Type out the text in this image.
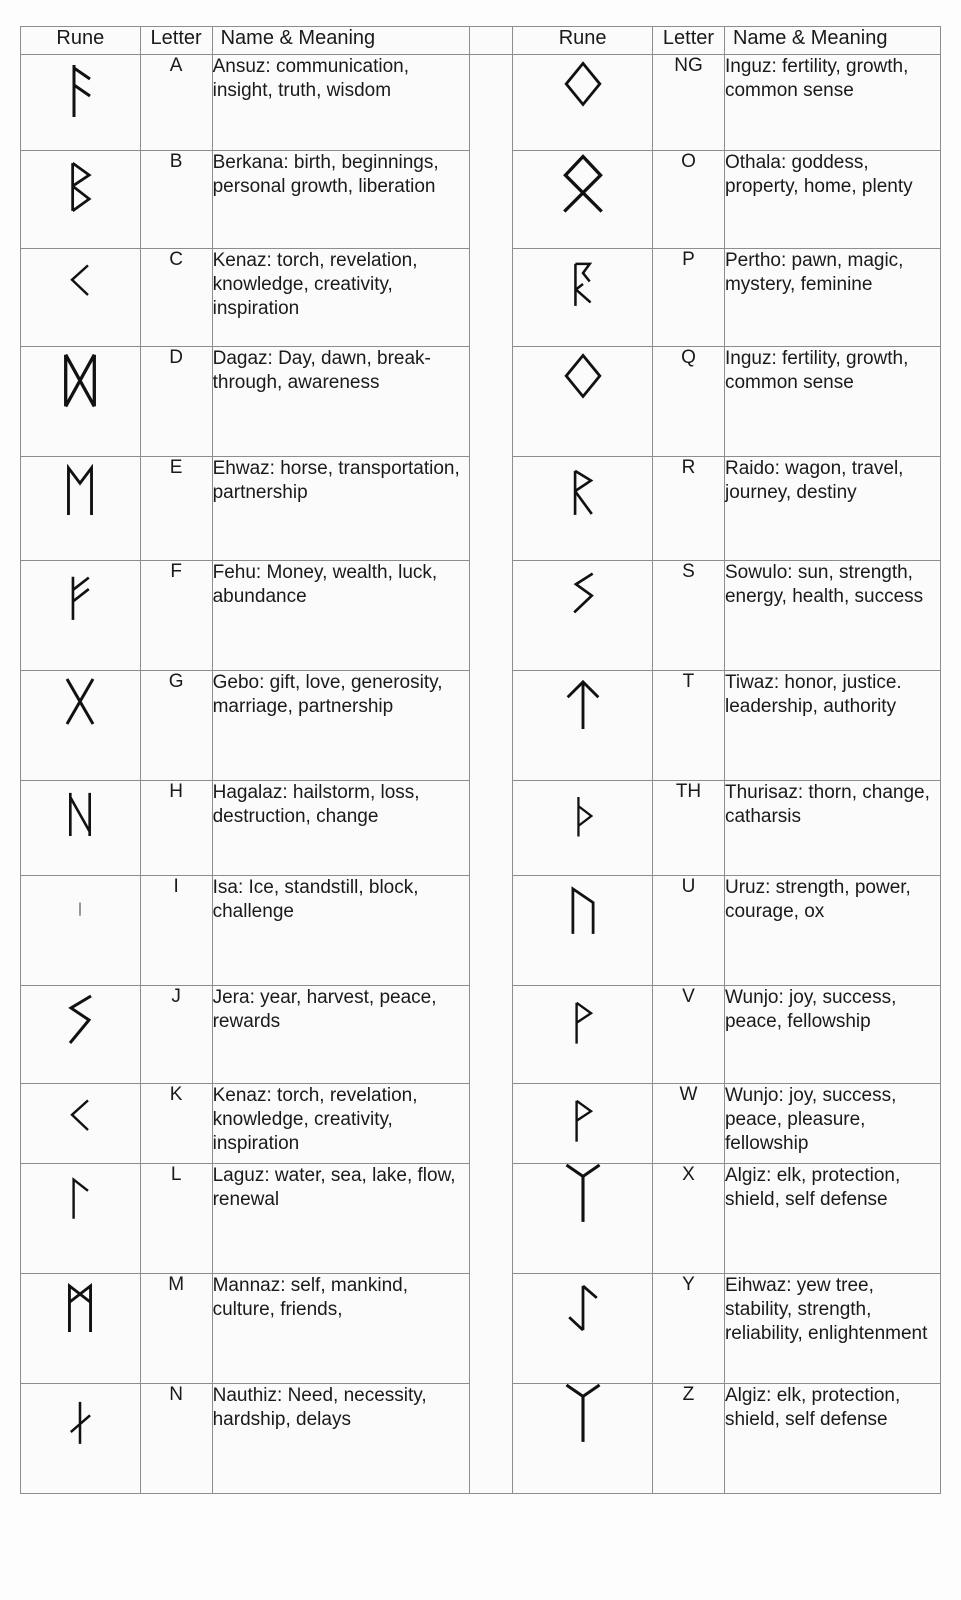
Rune	Letter	Name & Meaning		Rune	Letter	Name & Meaning

	A	Ansuz: communication, insight, truth, wisdom			NG	Inguz: fertility, growth, common sense

	B	Berkana: birth, beginnings, personal growth, liberation			O	Othala: goddess, property, home, plenty

	C	Kenaz: torch, revelation, knowledge, creativity, inspiration			P	Pertho: pawn, magic, mystery, feminine

	D	Dagaz: Day, dawn, break-through, awareness			Q	Inguz: fertility, growth, common sense

	E	Ehwaz: horse, transportation, partnership			R	Raido: wagon, travel, journey, destiny

	F	Fehu: Money, wealth, luck, abundance			S	Sowulo: sun, strength, energy, health, success

	G	Gebo: gift, love, generosity, marriage, partnership			T	Tiwaz: honor, justice. leadership, authority

	H	Hagalaz: hailstorm, loss, destruction, change			TH	Thurisaz: thorn, change, catharsis

	I	Isa: Ice, standstill, block, challenge			U	Uruz: strength, power, courage, ox

	J	Jera: year, harvest, peace, rewards			V	Wunjo: joy, success, peace, fellowship

	K	Kenaz: torch, revelation, knowledge, creativity, inspiration			W	Wunjo: joy, success, peace, pleasure, fellowship

	L	Laguz: water, sea, lake, flow, renewal			X	Algiz: elk, protection, shield, self defense

	M	Mannaz: self, mankind, culture, friends,			Y	Eihwaz: yew tree, stability, strength, reliability, enlightenment

	N	Nauthiz: Need, necessity, hardship, delays			Z	Algiz: elk, protection, shield, self defense
